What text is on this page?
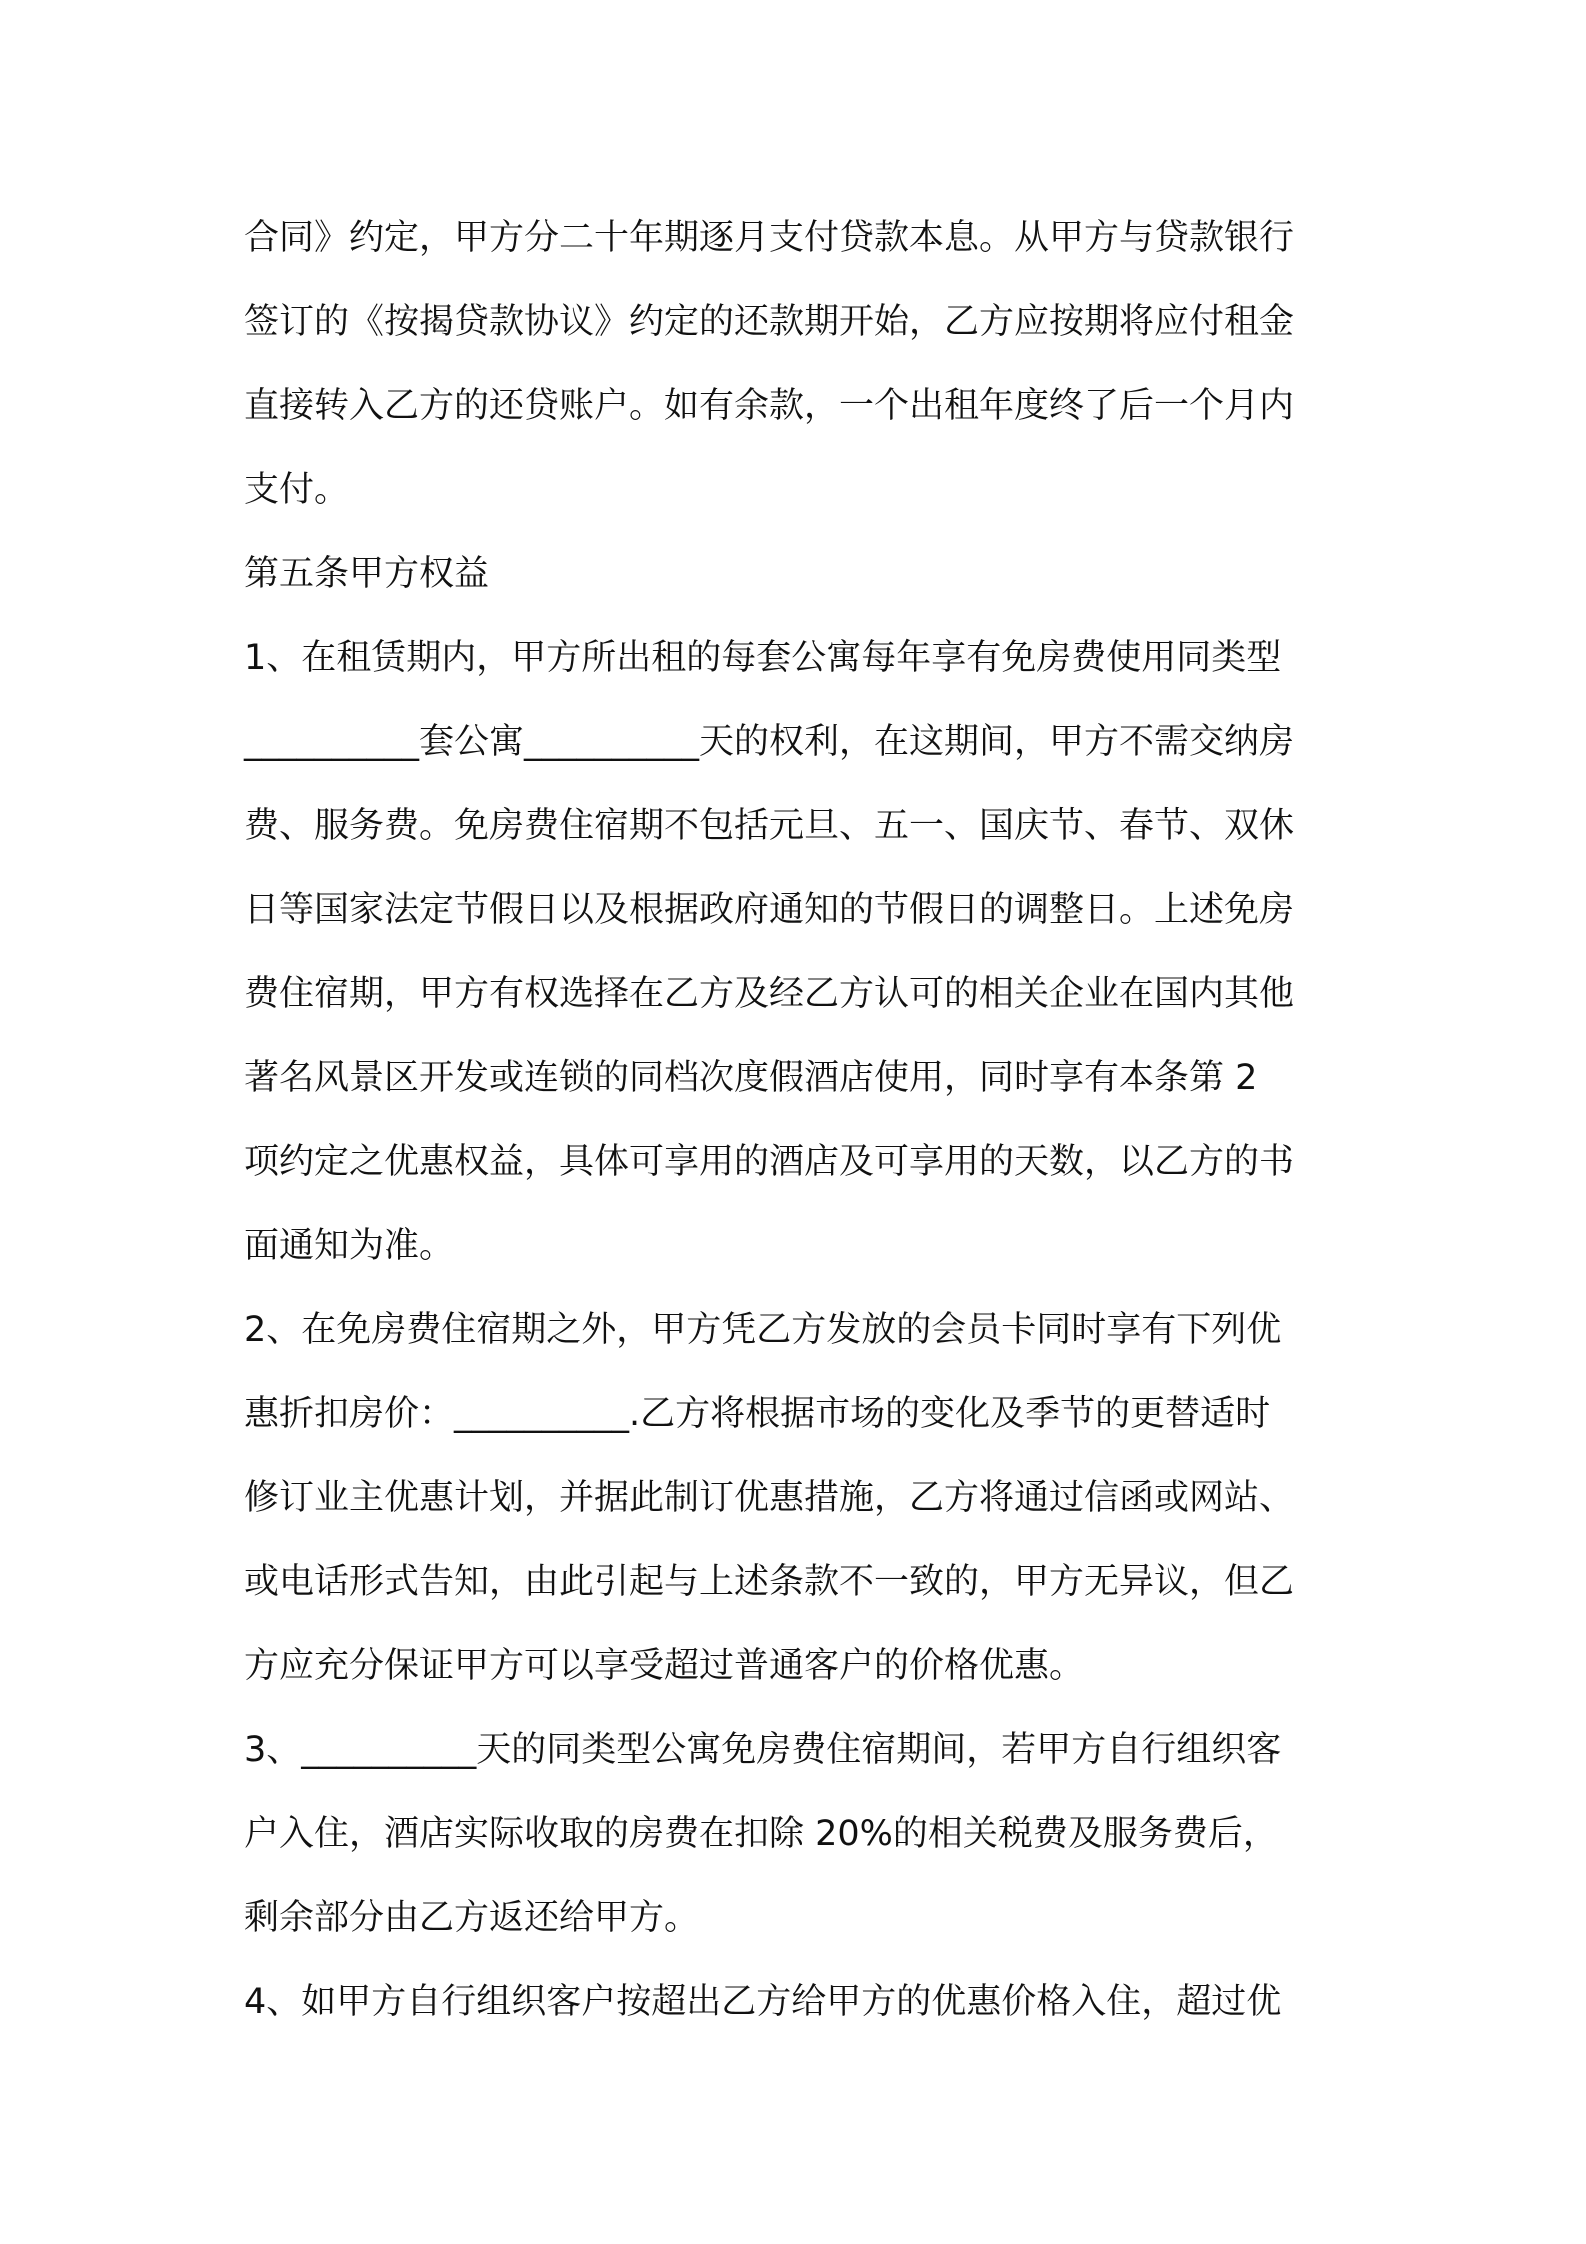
合同》约定，甲方分二十年期逐月支付贷款本息。从甲方与贷款银行
签订的《按揭贷款协议》约定的还款期开始，乙方应按期将应付租金
直接转入乙方的还贷账户。如有余款，一个出租年度终了后一个月内
支付。
第五条甲方权益
1、在租赁期内，甲方所出租的每套公寓每年享有免房费使用同类型
__________套公寓__________天的权利，在这期间，甲方不需交纳房
费、服务费。免房费住宿期不包括元旦、五一、国庆节、春节、双休
日等国家法定节假日以及根据政府通知的节假日的调整日。上述免房
费住宿期，甲方有权选择在乙方及经乙方认可的相关企业在国内其他
著名风景区开发或连锁的同档次度假酒店使用，同时享有本条第 2
项约定之优惠权益，具体可享用的酒店及可享用的天数，以乙方的书
面通知为准。
2、在免房费住宿期之外，甲方凭乙方发放的会员卡同时享有下列优
惠折扣房价：__________.乙方将根据市场的变化及季节的更替适时
修订业主优惠计划，并据此制订优惠措施，乙方将通过信函或网站、
或电话形式告知，由此引起与上述条款不一致的，甲方无异议，但乙
方应充分保证甲方可以享受超过普通客户的价格优惠。
3、__________天的同类型公寓免房费住宿期间，若甲方自行组织客
户入住，酒店实际收取的房费在扣除 20%的相关税费及服务费后，
剩余部分由乙方返还给甲方。
4、如甲方自行组织客户按超出乙方给甲方的优惠价格入住，超过优
